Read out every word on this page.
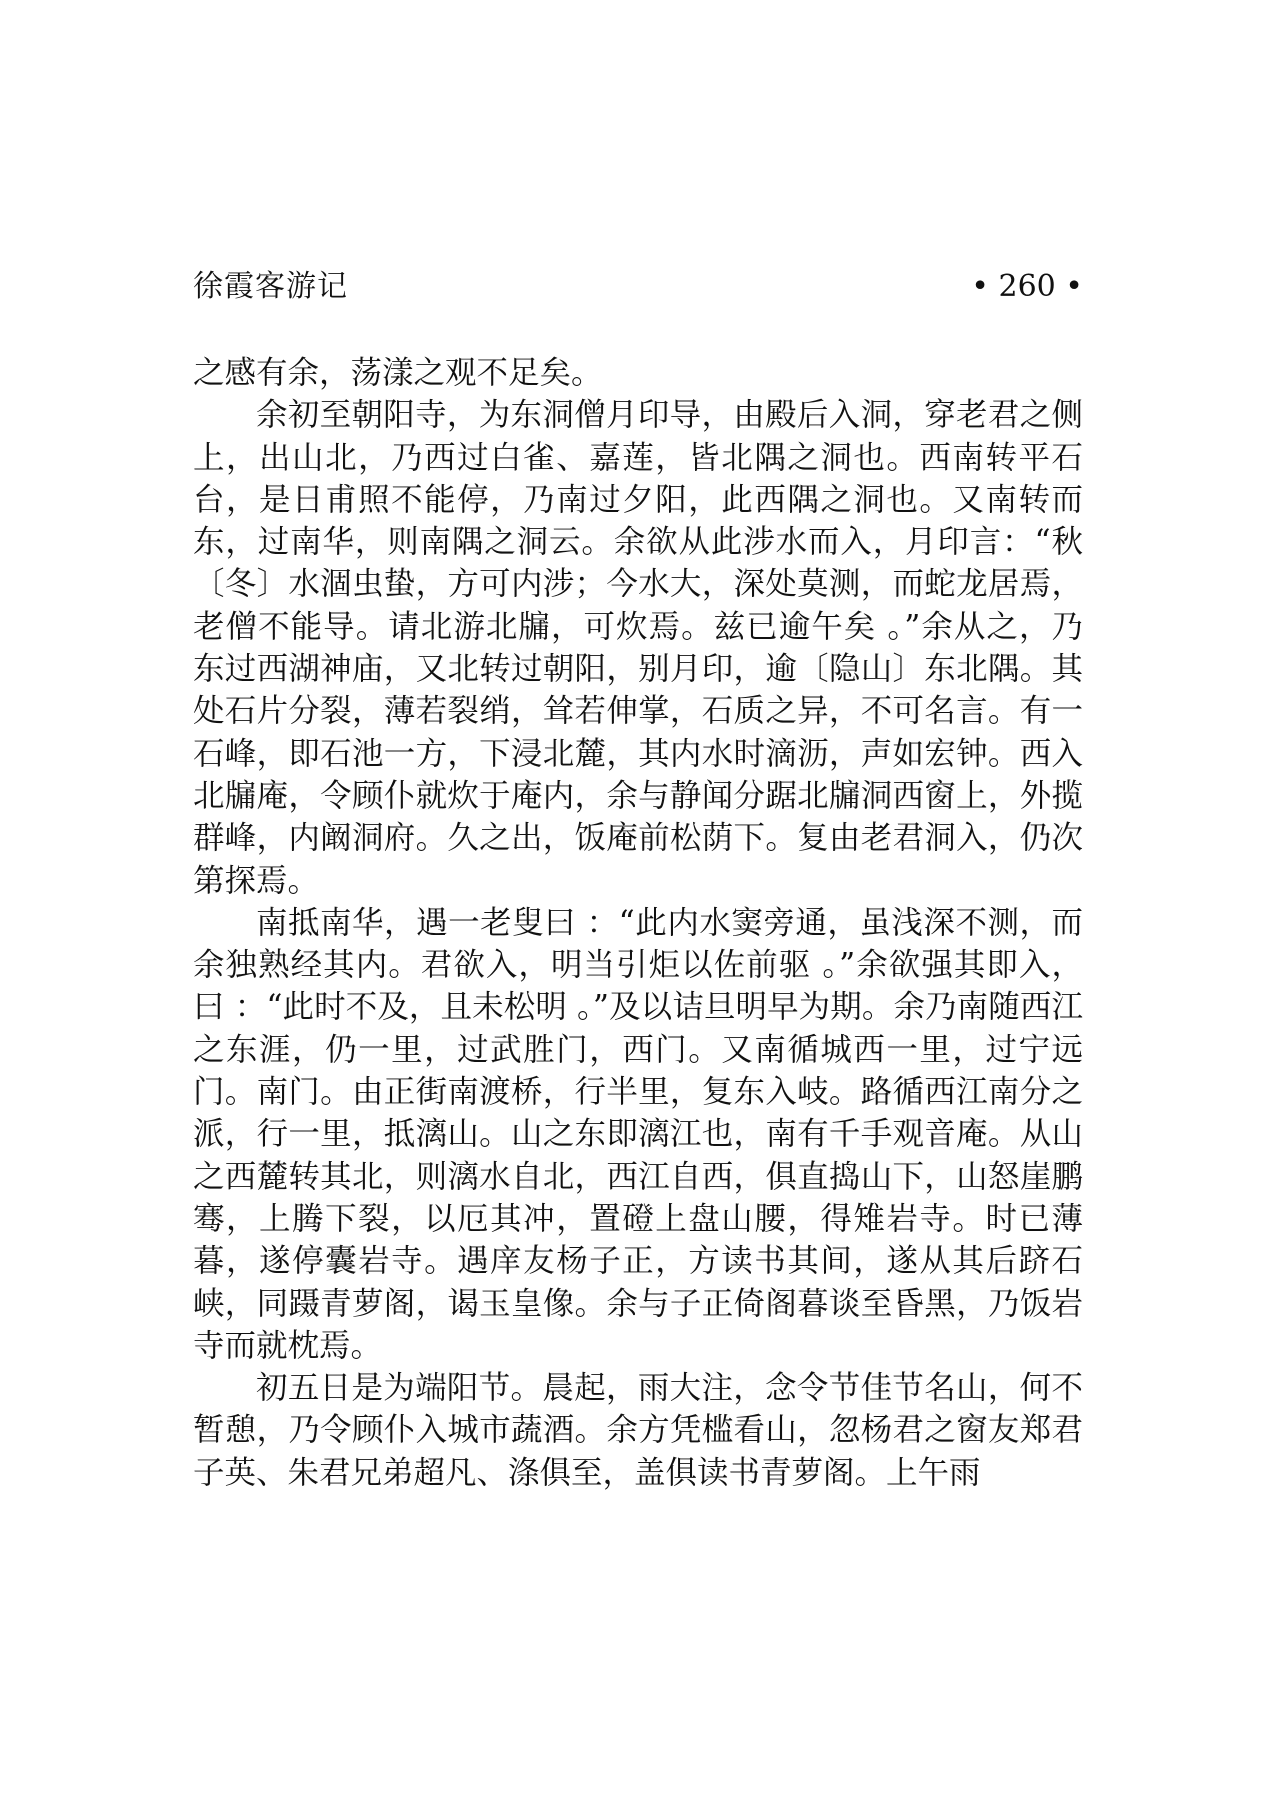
徐霞客游记	• 260 •

之感有余，荡漾之观不足矣。

余初至朝阳寺，为东洞僧月印导，由殿后入洞，穿老君之侧上，出山北，乃西过白雀、嘉莲，皆北隅之洞也。西南转平石台，是日甫照不能停，乃南过夕阳，此西隅之洞也。又南转而东，过南华，则南隅之洞云。余欲从此涉水而入，月印言：“秋〔冬〕水涸虫蛰，方可内涉；今水大，深处莫测，而蛇龙居焉，老僧不能导。请北游北牖，可炊焉。兹已逾午矣 。”余从之，乃东过西湖神庙，又北转过朝阳，别月印，逾〔隐山〕东北隅。其处石片分裂，薄若裂绡，耸若伸掌，石质之异，不可名言。有一石峰，即石池一方，下浸北麓，其内水时滴沥，声如宏钟。西入北牖庵，令顾仆就炊于庵内，余与静闻分踞北牖洞西窗上，外揽群峰，内阚洞府。久之出，饭庵前松荫下。复由老君洞入，仍次第探焉。

南抵南华，遇一老叟曰 ：“此内水窦旁通，虽浅深不测，而余独熟经其内。君欲入，明当引炬以佐前驱 。”余欲强其即入，曰 ：“此时不及，且未松明 。”及以诘旦明早为期。余乃南随西江之东涯，仍一里，过武胜门，西门。又南循城西一里，过宁远门。南门。由正街南渡桥，行半里，复东入岐。路循西江南分之派，行一里，抵漓山。山之东即漓江也，南有千手观音庵。从山之西麓转其北，则漓水自北，西江自西，俱直捣山下，山怒崖鹏骞，上腾下裂，以厄其冲，置磴上盘山腰，得雉岩寺。时已薄暮，遂停囊岩寺。遇庠友杨子正，方读书其间，遂从其后跻石峡，同蹑青萝阁，谒玉皇像。余与子正倚阁暮谈至昏黑，乃饭岩寺而就枕焉。

初五日是为端阳节。晨起，雨大注，念令节佳节名山，何不暂憩，乃令顾仆入城市蔬酒。余方凭槛看山，忽杨君之窗友郑君子英、朱君兄弟超凡、涤俱至，盖俱读书青萝阁。上午雨
